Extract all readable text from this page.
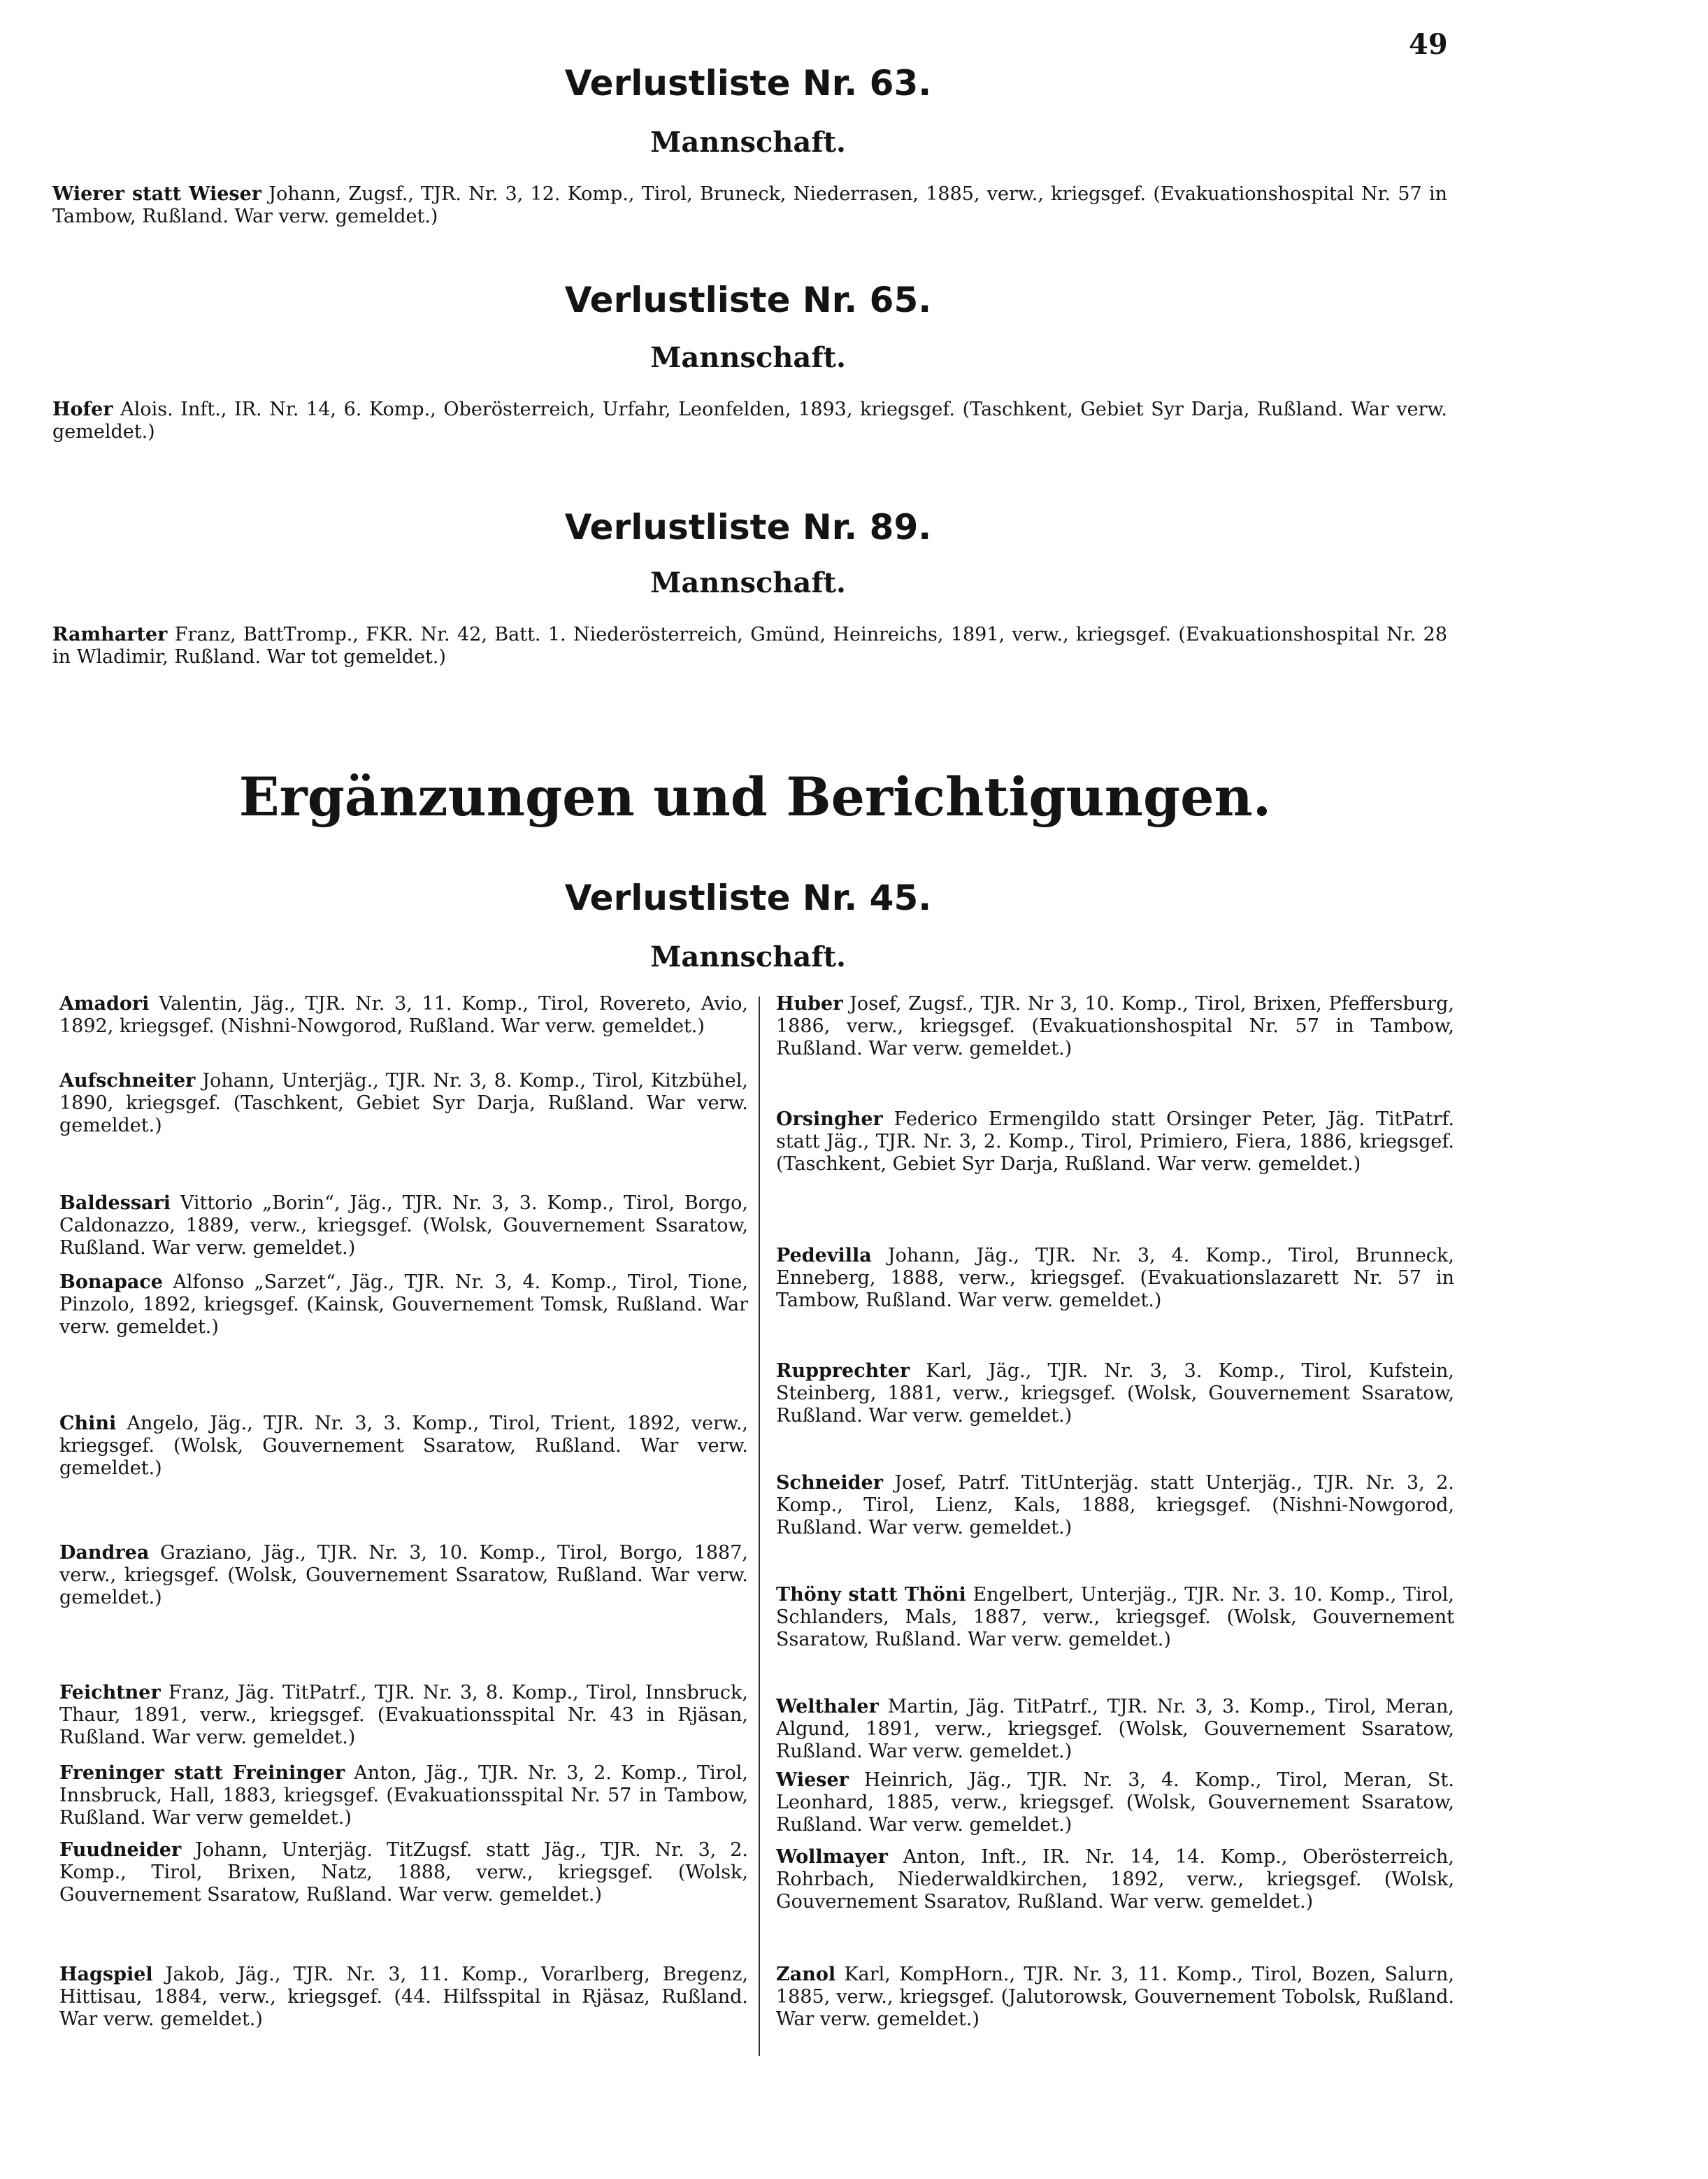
49
Verlustliste Nr. 63.
Mannschaft.

Wierer statt Wieser Johann, Zugsf., TJR. Nr. 3, 12. Komp., Tirol, Bruneck, Niederrasen, 1885, verw., kriegsgef. (Evakuationshospital Nr. 57 in Tambow, Rußland. War verw. gemeldet.)

Verlustliste Nr. 65.
Mannschaft.

Hofer Alois. Inft., IR. Nr. 14, 6. Komp., Oberösterreich, Urfahr, Leonfelden, 1893, kriegsgef. (Taschkent, Gebiet Syr Darja, Rußland. War verw. gemeldet.)

Verlustliste Nr. 89.
Mannschaft.

Ramharter Franz, BattTromp., FKR. Nr. 42, Batt. 1. Niederösterreich, Gmünd, Heinreichs, 1891, verw., kriegsgef. (Evakuationshospital Nr. 28 in Wladimir, Rußland. War tot gemeldet.)

Ergänzungen und Berichtigungen.
Verlustliste Nr. 45.
Mannschaft.

Amadori Valentin, Jäg., TJR. Nr. 3, 11. Komp., Tirol, Rovereto, Avio, 1892, kriegsgef. (Nishni-Nowgorod, Rußland. War verw. gemeldet.)

Aufschneiter Johann, Unterjäg., TJR. Nr. 3, 8. Komp., Tirol, Kitzbühel, 1890, kriegsgef. (Taschkent, Gebiet Syr Darja, Rußland. War verw. gemeldet.)

Baldessari Vittorio „Borin“, Jäg., TJR. Nr. 3, 3. Komp., Tirol, Borgo, Caldonazzo, 1889, verw., kriegsgef. (Wolsk, Gouvernement Ssaratow, Rußland. War verw. gemeldet.)

Bonapace Alfonso „Sarzet“, Jäg., TJR. Nr. 3, 4. Komp., Tirol, Tione, Pinzolo, 1892, kriegsgef. (Kainsk, Gouvernement Tomsk, Rußland. War verw. gemeldet.)

Chini Angelo, Jäg., TJR. Nr. 3, 3. Komp., Tirol, Trient, 1892, verw., kriegsgef. (Wolsk, Gouvernement Ssaratow, Rußland. War verw. gemeldet.)

Dandrea Graziano, Jäg., TJR. Nr. 3, 10. Komp., Tirol, Borgo, 1887, verw., kriegsgef. (Wolsk, Gouvernement Ssaratow, Rußland. War verw. gemeldet.)

Feichtner Franz, Jäg. TitPatrf., TJR. Nr. 3, 8. Komp., Tirol, Innsbruck, Thaur, 1891, verw., kriegsgef. (Evakuationsspital Nr. 43 in Rjäsan, Rußland. War verw. gemeldet.)

Freninger statt Freininger Anton, Jäg., TJR. Nr. 3, 2. Komp., Tirol, Innsbruck, Hall, 1883, kriegsgef. (Evakuationsspital Nr. 57 in Tambow, Rußland. War verw gemeldet.)

Fuudneider Johann, Unterjäg. TitZugsf. statt Jäg., TJR. Nr. 3, 2. Komp., Tirol, Brixen, Natz, 1888, verw., kriegsgef. (Wolsk, Gouvernement Ssaratow, Rußland. War verw. gemeldet.)

Hagspiel Jakob, Jäg., TJR. Nr. 3, 11. Komp., Vorarlberg, Bregenz, Hittisau, 1884, verw., kriegsgef. (44. Hilfsspital in Rjäsaz, Rußland. War verw. gemeldet.)

Huber Josef, Zugsf., TJR. Nr 3, 10. Komp., Tirol, Brixen, Pfeffersburg, 1886, verw., kriegsgef. (Evakuationshospital Nr. 57 in Tambow, Rußland. War verw. gemeldet.)

Orsingher Federico Ermengildo statt Orsinger Peter, Jäg. TitPatrf. statt Jäg., TJR. Nr. 3, 2. Komp., Tirol, Primiero, Fiera, 1886, kriegsgef. (Taschkent, Gebiet Syr Darja, Rußland. War verw. gemeldet.)

Pedevilla Johann, Jäg., TJR. Nr. 3, 4. Komp., Tirol, Brunneck, Enneberg, 1888, verw., kriegsgef. (Evakuationslazarett Nr. 57 in Tambow, Rußland. War verw. gemeldet.)

Rupprechter Karl, Jäg., TJR. Nr. 3, 3. Komp., Tirol, Kufstein, Steinberg, 1881, verw., kriegsgef. (Wolsk, Gouvernement Ssaratow, Rußland. War verw. gemeldet.)

Schneider Josef, Patrf. TitUnterjäg. statt Unterjäg., TJR. Nr. 3, 2. Komp., Tirol, Lienz, Kals, 1888, kriegsgef. (Nishni-Nowgorod, Rußland. War verw. gemeldet.)

Thöny statt Thöni Engelbert, Unterjäg., TJR. Nr. 3. 10. Komp., Tirol, Schlanders, Mals, 1887, verw., kriegsgef. (Wolsk, Gouvernement Ssaratow, Rußland. War verw. gemeldet.)

Welthaler Martin, Jäg. TitPatrf., TJR. Nr. 3, 3. Komp., Tirol, Meran, Algund, 1891, verw., kriegsgef. (Wolsk, Gouvernement Ssaratow, Rußland. War verw. gemeldet.)

Wieser Heinrich, Jäg., TJR. Nr. 3, 4. Komp., Tirol, Meran, St. Leonhard, 1885, verw., kriegsgef. (Wolsk, Gouvernement Ssaratow, Rußland. War verw. gemeldet.)

Wollmayer Anton, Inft., IR. Nr. 14, 14. Komp., Oberösterreich, Rohrbach, Niederwaldkirchen, 1892, verw., kriegsgef. (Wolsk, Gouvernement Ssaratov, Rußland. War verw. gemeldet.)

Zanol Karl, KompHorn., TJR. Nr. 3, 11. Komp., Tirol, Bozen, Salurn, 1885, verw., kriegsgef. (Jalutorowsk, Gouvernement Tobolsk, Rußland. War verw. gemeldet.)
